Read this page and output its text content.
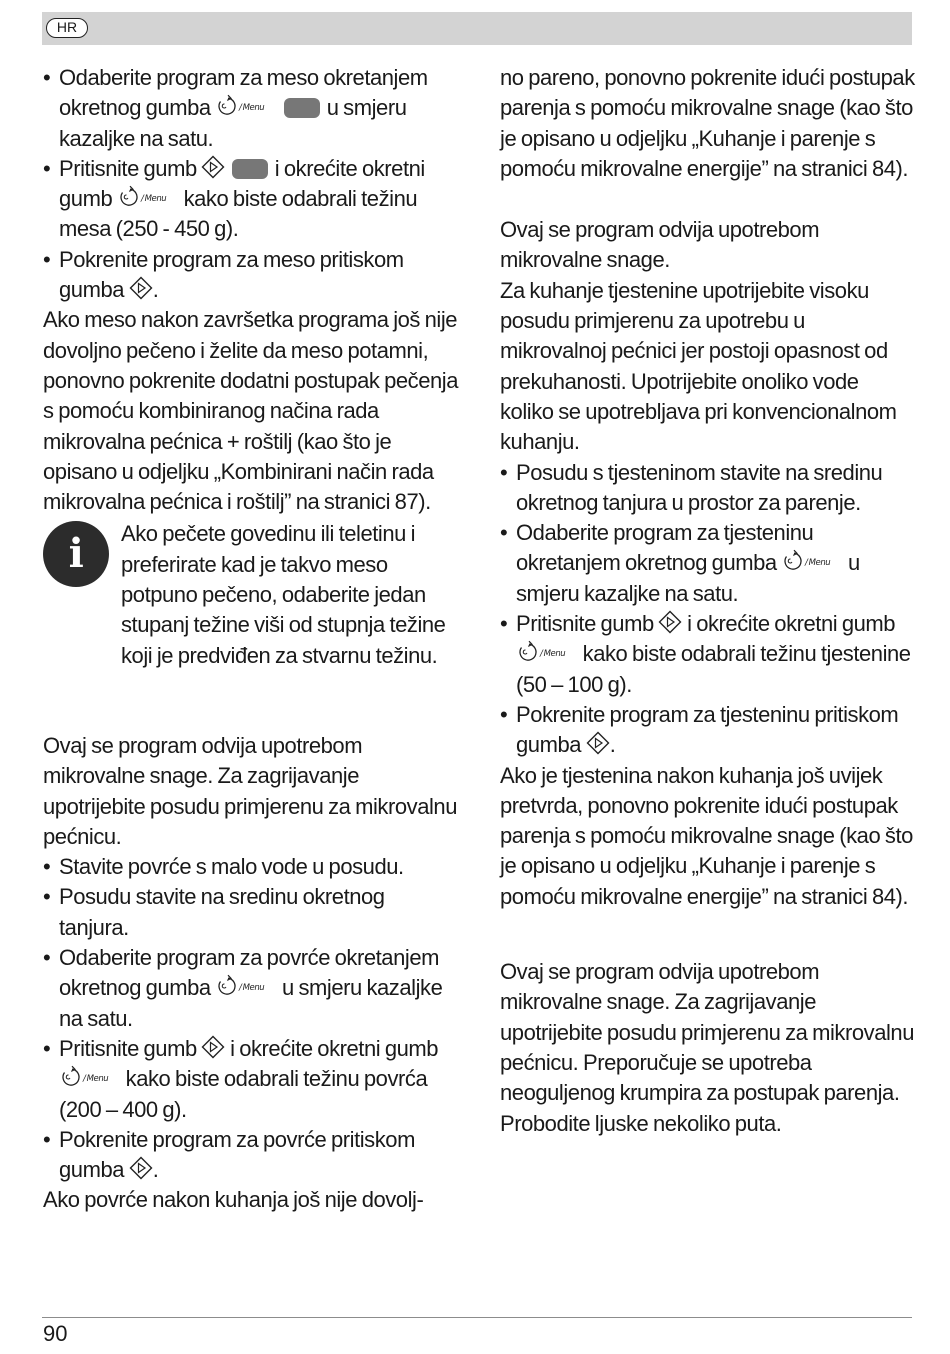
HR
• Odaberite program za meso okretanjem okretnog gumba	/ Menu	u smjeru kazaljke na satu.
• Pritisnite gumb	i okrećite okretni gumb	/ Menu kako biste odabrali težinu mesa (250 - 450 g).
• Pokrenite program za meso pritiskom gumba .

Ako meso nakon završetka programa još nije dovoljno pečeno i želite da meso potamni, ponovno pokrenite dodatni postupak pečenja s pomoću kombiniranog načina rada mikrovalna pećnica + roštilj (kao što je opisano u odjeljku „Kombinirani način rada mikrovalna pećnica i roštilj” na stranici 87).

i Ako pečete govedinu ili teletinu i preferirate kad je takvo meso potpuno pečeno, odaberite jedan stupanj težine viši od stupnja težine koji je predviđen za stvarnu težinu.

Ovaj se program odvija upotrebom mikrovalne snage. Za zagrijavanje upotrijebite posudu primjerenu za mikrovalnu pećnicu.

• Stavite povrće s malo vode u posudu.
• Posudu stavite na sredinu okretnog tanjura.
• Odaberite program za povrće okretanjem okretnog gumba	/ Menu u smjeru kazaljke na satu.
• Pritisnite gumb i okrećite okretni gumb
/ Menu kako biste odabrali težinu povrća (200 – 400 g).
• Pokrenite program za povrće pritiskom gumba .

Ako povrće nakon kuhanja još nije dovolj-

no pareno, ponovno pokrenite idući postupak parenja s pomoću mikrovalne snage (kao što je opisano u odjeljku „Kuhanje i parenje s pomoću mikrovalne energije” na stranici 84).

Ovaj se program odvija upotrebom mikrovalne snage.

Za kuhanje tjestenine upotrijebite visoku posudu primjerenu za upotrebu u mikrovalnoj pećnici jer postoji opasnost od prekuhanosti. Upotrijebite onoliko vode koliko se upotrebljava pri konvencionalnom kuhanju.

• Posudu s tjesteninom stavite na sredinu okretnog tanjura u prostor za parenje.
• Odaberite program za tjesteninu okretanjem okretnog gumba	/ Menu u smjeru kazaljke na satu.
• Pritisnite gumb i okrećite okretni gumb
/ Menu kako biste odabrali težinu tjestenine (50 – 100 g).
• Pokrenite program za tjesteninu pritiskom gumba .

Ako je tjestenina nakon kuhanja još uvijek pretvrda, ponovno pokrenite idući postupak parenja s pomoću mikrovalne snage (kao što je opisano u odjeljku „Kuhanje i parenje s pomoću mikrovalne energije” na stranici 84).

Ovaj se program odvija upotrebom mikrovalne snage. Za zagrijavanje upotrijebite posudu primjerenu za mikrovalnu pećnicu. Preporučuje se upotreba neoguljenog krumpira za postupak parenja. Probodite ljuske nekoliko puta.

90
